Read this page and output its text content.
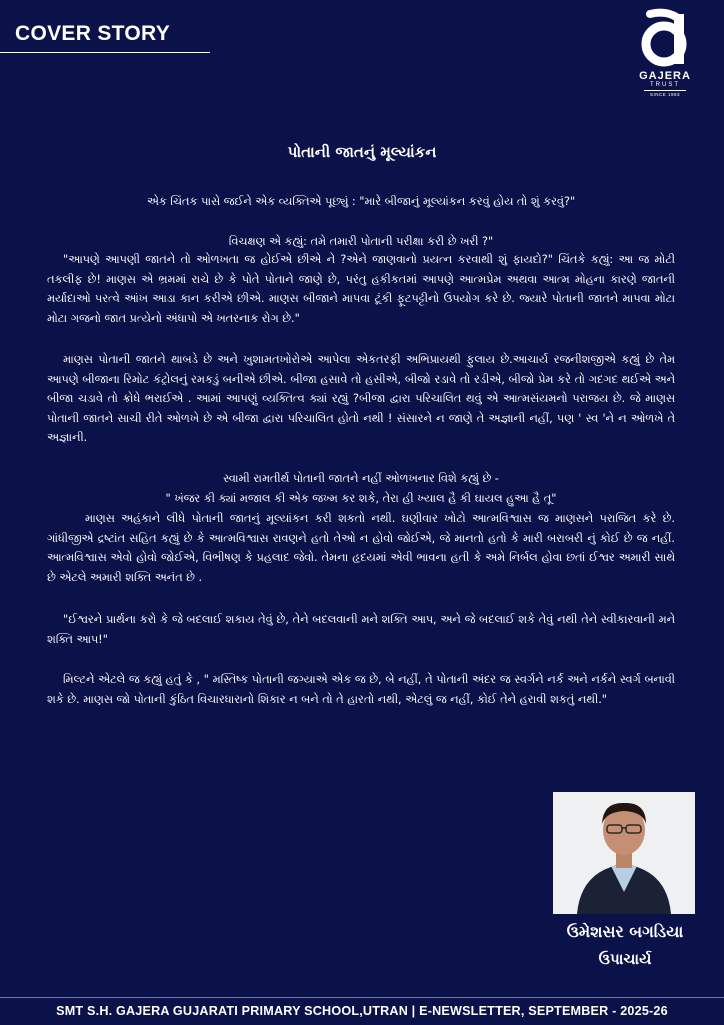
COVER STORY
GAJERA
TRUST
SINCE 1993
પોતાની જાતનું મૂલ્યાંકન
એક ચિંતક પાસે જઈને એક વ્યક્તિએ પૂછ્યું : "મારે બીજાનું મૂલ્યાંકન કરવું હોય તો શું કરવું?"
વિચક્ષણ એ કહ્યું: તમે તમારી પોતાની પરીક્ષા કરી છે ખરી ?"
"આપણે આપણી જાતને તો ઓળખતા જ હોઈએ છીએ ને ?એને જાણવાનો પ્રયત્ન કરવાથી શું ફાયદો?" ચિંતકે કહ્યું: આ જ મોટી તકલીફ છે! માણસ એ ભ્રમમાં રાચે છે કે પોતે પોતાને જાણે છે, પરંતુ હકીકતમાં આપણે આત્મપ્રેમ અથવા આત્મ મોહના કારણે જાતની મર્યાદાઓ પરત્વે આંખ આડા કાન કરીએ છીએ. માણસ બીજાને માપવા ટૂંકી ફૂટપટ્ટીનો ઉપયોગ કરે છે. જ્યારે પોતાની જાતને માપવા મોટા મોટા ગજનો જાત પ્રત્યેનો અંધાપો એ ખતરનાક રોગ છે."
માણસ પોતાની જાતને થાબડે છે અને ખુશામતખોરોએ આપેલા એકતરફી અભિપ્રાયથી ફુલાય છે.આચાર્ય રજનીશજીએ કહ્યું છે તેમ આપણે બીજાના રિમોટ કંટ્રોલનું રમકડું બનીએ છીએ. બીજા હસાવે તો હસીએ, બીજો રડાવે તો રડીએ, બીજો પ્રેમ કરે તો ગદગદ થઈએ અને બીજા ચડાવે તો ક્રોધે ભરાઈએ . આમાં આપણું વ્યક્તિત્વ ક્યાં રહ્યું ?બીજા દ્વારા પરિચાલિત થવું એ આત્મસંયમનો પરાજય છે. જે માણસ પોતાની જાતને સાચી રીતે ઓળખે છે એ બીજા દ્વારા પરિચાલિત હોતો નથી ! સંસારને ન જાણે તે અજ્ઞાની નહીં, પણ ' સ્વ 'ને ન ઓળખે તે અજ્ઞાની.
સ્વામી રામતીર્થ પોતાની જાતને નહીં ઓળખનાર વિશે કહ્યું છે -
" ખંજર કી ક્યાં મજાલ કી એક જખ્મ કર શકે, તેરા હી ખ્યાલ હૈ કી ઘાયલ હુઆ હૈ તૂ"
માણસ અહંકાને લીધે પોતાની જાતનું મૂલ્યાંકન કરી શકતો નથી. ઘણીવાર ખોટો આત્મવિશ્વાસ જ માણસને પરાજિત કરે છે. ગાંધીજીએ દ્રષ્ટાંત સહિત કહ્યું છે કે આત્મવિશ્વાસ રાવણને હતો તેઓ ન હોવો જોઈએ, જે માનતો હતો કે મારી બરાબરી નું કોઈ છે જ નહીં. આત્મવિશ્વાસ એવો હોવો જોઈએ, વિભીષણ કે પ્રહલાદ જેવો. તેમના હૃદયમાં એવી ભાવના હતી કે અમે નિર્બલ હોવા છતાં ઈશ્વર અમારી સાથે છે એટલે અમારી શક્તિ અનંત છે .
"ઈશ્વરને પ્રાર્થના કરો કે જે બદલાઈ શકાય તેવું છે, તેને બદલવાની મને શક્તિ આપ, અને જે બદલાઈ શકે તેવું નથી તેને સ્વીકારવાની મને શક્તિ આપ!"
મિલ્ટને એટલે જ કહ્યું હતું કે , " મસ્તિષ્ક પોતાની જગ્યાએ એક જ છે, બે નહીં, તે પોતાની અંદર જ સ્વર્ગને નર્ક અને નર્કને સ્વર્ગ બનાવી શકે છે. માણસ જો પોતાની કુંઠિત વિચારધારાનો શિકાર ન બને તો તે હારતો નથી, એટલું જ નહીં, કોઈ તેને હરાવી શકતું નથી."
ઉમેશસર બગડિયા
ઉપાચાર્ય
SMT S.H. GAJERA GUJARATI PRIMARY SCHOOL,UTRAN | E-NEWSLETTER, SEPTEMBER - 2025-26
